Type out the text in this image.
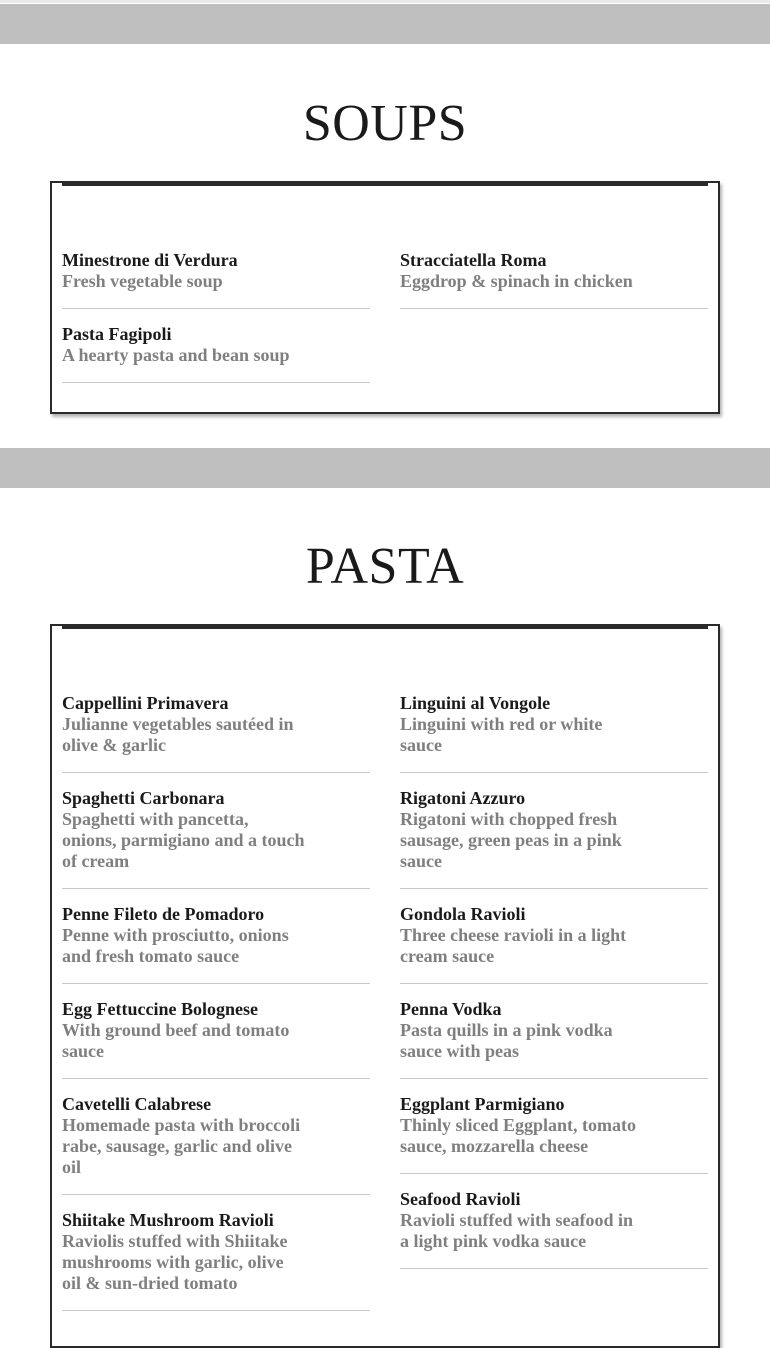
SOUPS
Minestrone di Verdura
Fresh vegetable soup
Pasta Fagipoli
A hearty pasta and bean soup
Stracciatella Roma
Eggdrop & spinach in chicken
PASTA
Cappellini Primavera
Julianne vegetables sautéed in olive & garlic
Spaghetti Carbonara
Spaghetti with pancetta, onions, parmigiano and a touch of cream
Penne Fileto de Pomadoro
Penne with prosciutto, onions and fresh tomato sauce
Egg Fettuccine Bolognese
With ground beef and tomato sauce
Cavetelli Calabrese
Homemade pasta with broccoli rabe, sausage, garlic and olive oil
Shiitake Mushroom Ravioli
Raviolis stuffed with Shiitake mushrooms with garlic, olive oil & sun-dried tomato
Linguini al Vongole
Linguini with red or white sauce
Rigatoni Azzuro
Rigatoni with chopped fresh sausage, green peas in a pink sauce
Gondola Ravioli
Three cheese ravioli in a light cream sauce
Penna Vodka
Pasta quills in a pink vodka sauce with peas
Eggplant Parmigiano
Thinly sliced Eggplant, tomato sauce, mozzarella cheese
Seafood Ravioli
Ravioli stuffed with seafood in a light pink vodka sauce
